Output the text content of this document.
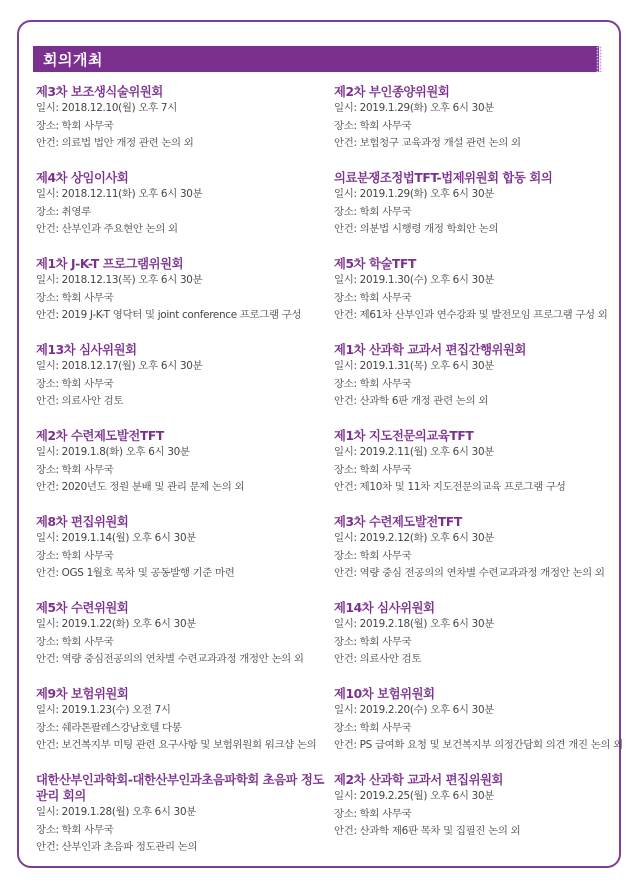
회의개최
제3차 보조생식술위원회
일시: 2018.12.10(월) 오후 7시
장소: 학회 사무국
안건: 의료법 법안 개정 관련 논의 외
제4차 상임이사회
일시: 2018.12.11(화) 오후 6시 30분
장소: 취영루
안건: 산부인과 주요현안 논의 외
제1차 J-K-T 프로그램위원회
일시: 2018.12.13(목) 오후 6시 30분
장소: 학회 사무국
안건: 2019 J-K-T 영닥터 및 joint conference 프로그램 구성
제13차 심사위원회
일시: 2018.12.17(월) 오후 6시 30분
장소: 학회 사무국
안건: 의료사안 검토
제2차 수련제도발전TFT
일시: 2019.1.8(화) 오후 6시 30분
장소: 학회 사무국
안건: 2020년도 정원 분배 및 관리 문제 논의 외
제8차 편집위원회
일시: 2019.1.14(월) 오후 6시 30분
장소: 학회 사무국
안건: OGS 1월호 목차 및 공동발행 기준 마련
제5차 수련위원회
일시: 2019.1.22(화) 오후 6시 30분
장소: 학회 사무국
안건: 역량 중심전공의의 연차별 수련교과과정 개정안 논의 외
제9차 보험위원회
일시: 2019.1.23(수) 오전 7시
장소: 쉐라톤팔레스강남호텔 다봉
안건: 보건복지부 미팅 관련 요구사항 및 보험위원회 워크샵 논의
대한산부인과학회-대한산부인과초음파학회 초음파 정도관리 회의
일시: 2019.1.28(월) 오후 6시 30분
장소: 학회 사무국
안건: 산부인과 초음파 정도관리 논의
제2차 부인종양위원회
일시: 2019.1.29(화) 오후 6시 30분
장소: 학회 사무국
안건: 보험청구 교육과정 개설 관련 논의 외
의료분쟁조정법TFT-법제위원회 합동 회의
일시: 2019.1.29(화) 오후 6시 30분
장소: 학회 사무국
안건: 의분법 시행령 개정 학회안 논의
제5차 학술TFT
일시: 2019.1.30(수) 오후 6시 30분
장소: 학회 사무국
안건: 제61차 산부인과 연수강좌 및 발전모임 프로그램 구성 외
제1차 산과학 교과서 편집간행위원회
일시: 2019.1.31(목) 오후 6시 30분
장소: 학회 사무국
안건: 산과학 6판 개정 관련 논의 외
제1차 지도전문의교육TFT
일시: 2019.2.11(월) 오후 6시 30분
장소: 학회 사무국
안건: 제10차 및 11차 지도전문의교육 프로그램 구성
제3차 수련제도발전TFT
일시: 2019.2.12(화) 오후 6시 30분
장소: 학회 사무국
안건: 역량 중심 전공의의 연차별 수련교과과정 개정안 논의 외
제14차 심사위원회
일시: 2019.2.18(월) 오후 6시 30분
장소: 학회 사무국
안건: 의료사안 검토
제10차 보험위원회
일시: 2019.2.20(수) 오후 6시 30분
장소: 학회 사무국
안건: PS 급여화 요청 및 보건복지부 의정간담회 의견 개진 논의 외
제2차 산과학 교과서 편집위원회
일시: 2019.2.25(월) 오후 6시 30분
장소: 학회 사무국
안건: 산과학 제6판 목차 및 집필진 논의 외
